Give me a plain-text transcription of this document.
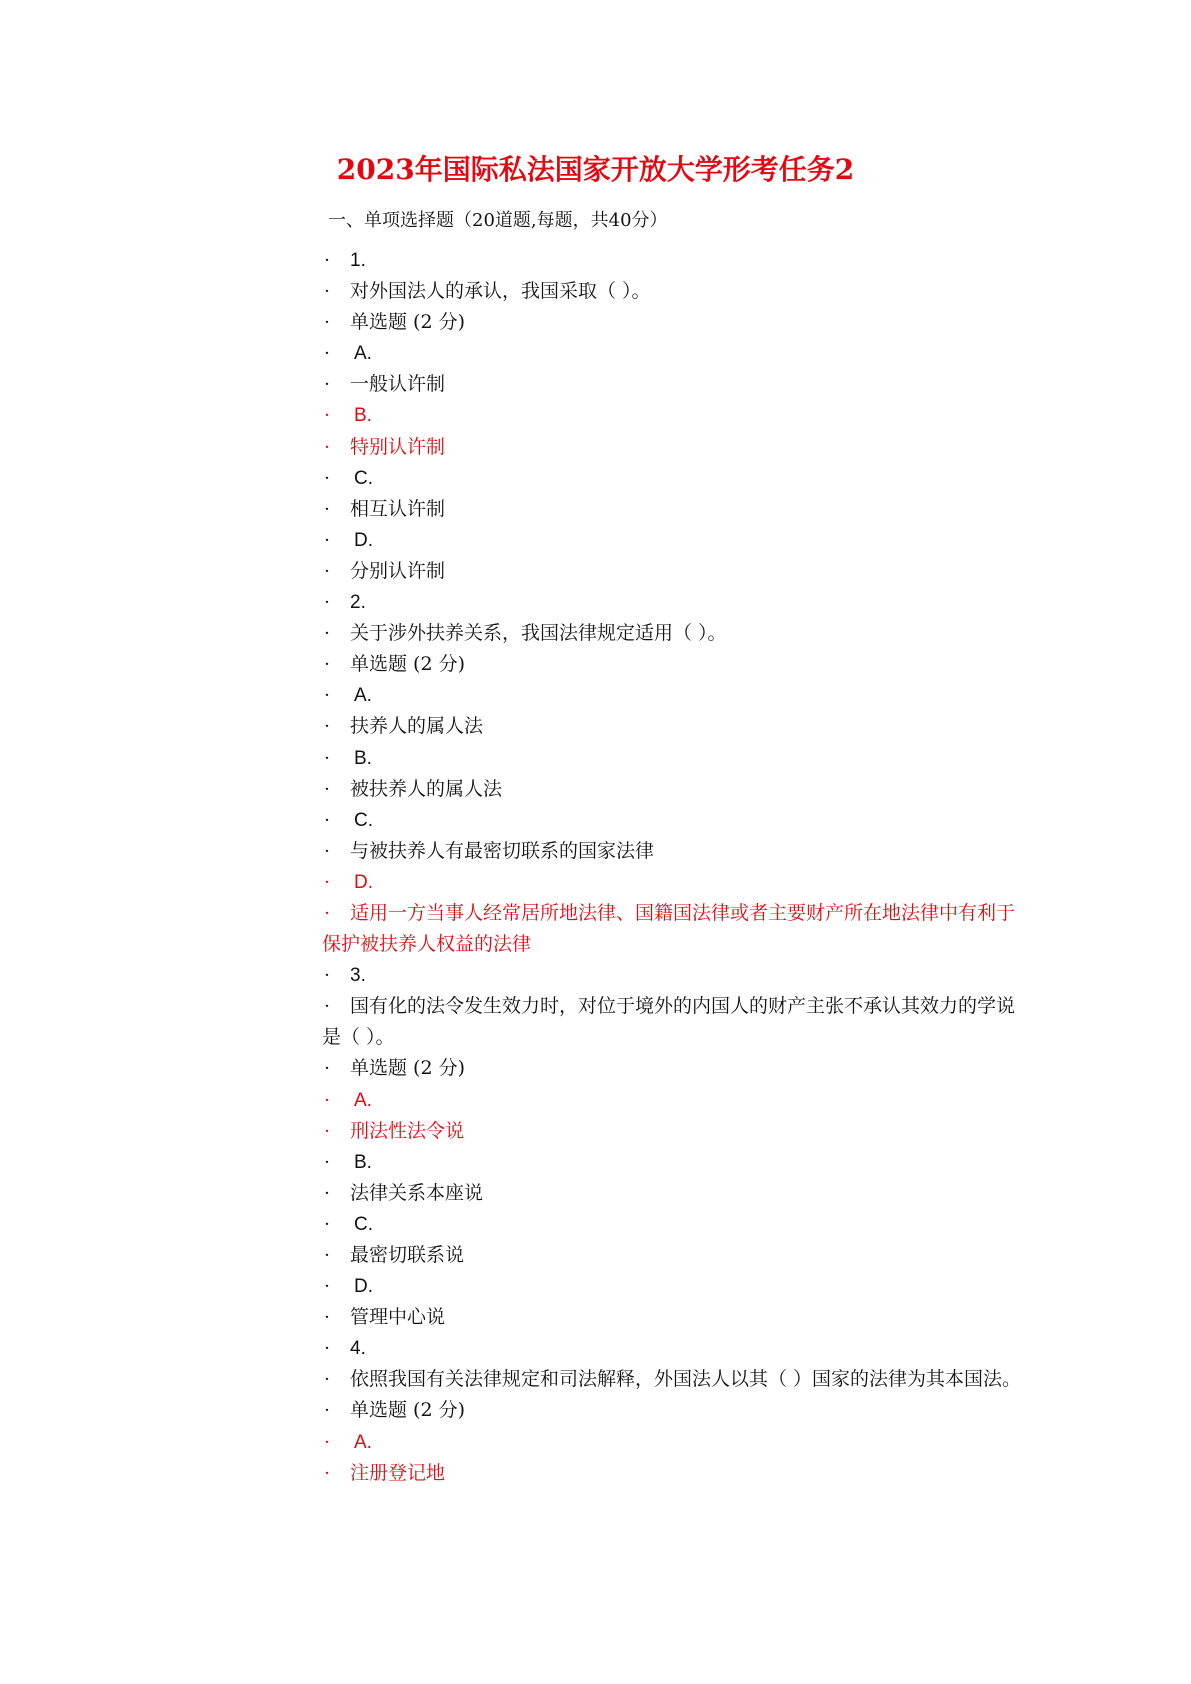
2023年国际私法国家开放大学形考任务2

一、单项选择题（20道题,每题，共40分）

· 1.
· 对外国法人的承认，我国采取（ ）。
· 单选题 (2 分)
· A.
· 一般认许制
· B.
· 特别认许制
· C.
· 相互认许制
· D.
· 分别认许制
· 2.
· 关于涉外扶养关系，我国法律规定适用（ ）。
· 单选题 (2 分)
· A.
· 扶养人的属人法
· B.
· 被扶养人的属人法
· C.
· 与被扶养人有最密切联系的国家法律
· D.
· 适用一方当事人经常居所地法律、国籍国法律或者主要财产所在地法律中有利于保护被扶养人权益的法律
· 3.
· 国有化的法令发生效力时，对位于境外的内国人的财产主张不承认其效力的学说是（ ）。
· 单选题 (2 分)
· A.
· 刑法性法令说
· B.
· 法律关系本座说
· C.
· 最密切联系说
· D.
· 管理中心说
· 4.
· 依照我国有关法律规定和司法解释，外国法人以其（ ）国家的法律为其本国法。
· 单选题 (2 分)
· A.
· 注册登记地
